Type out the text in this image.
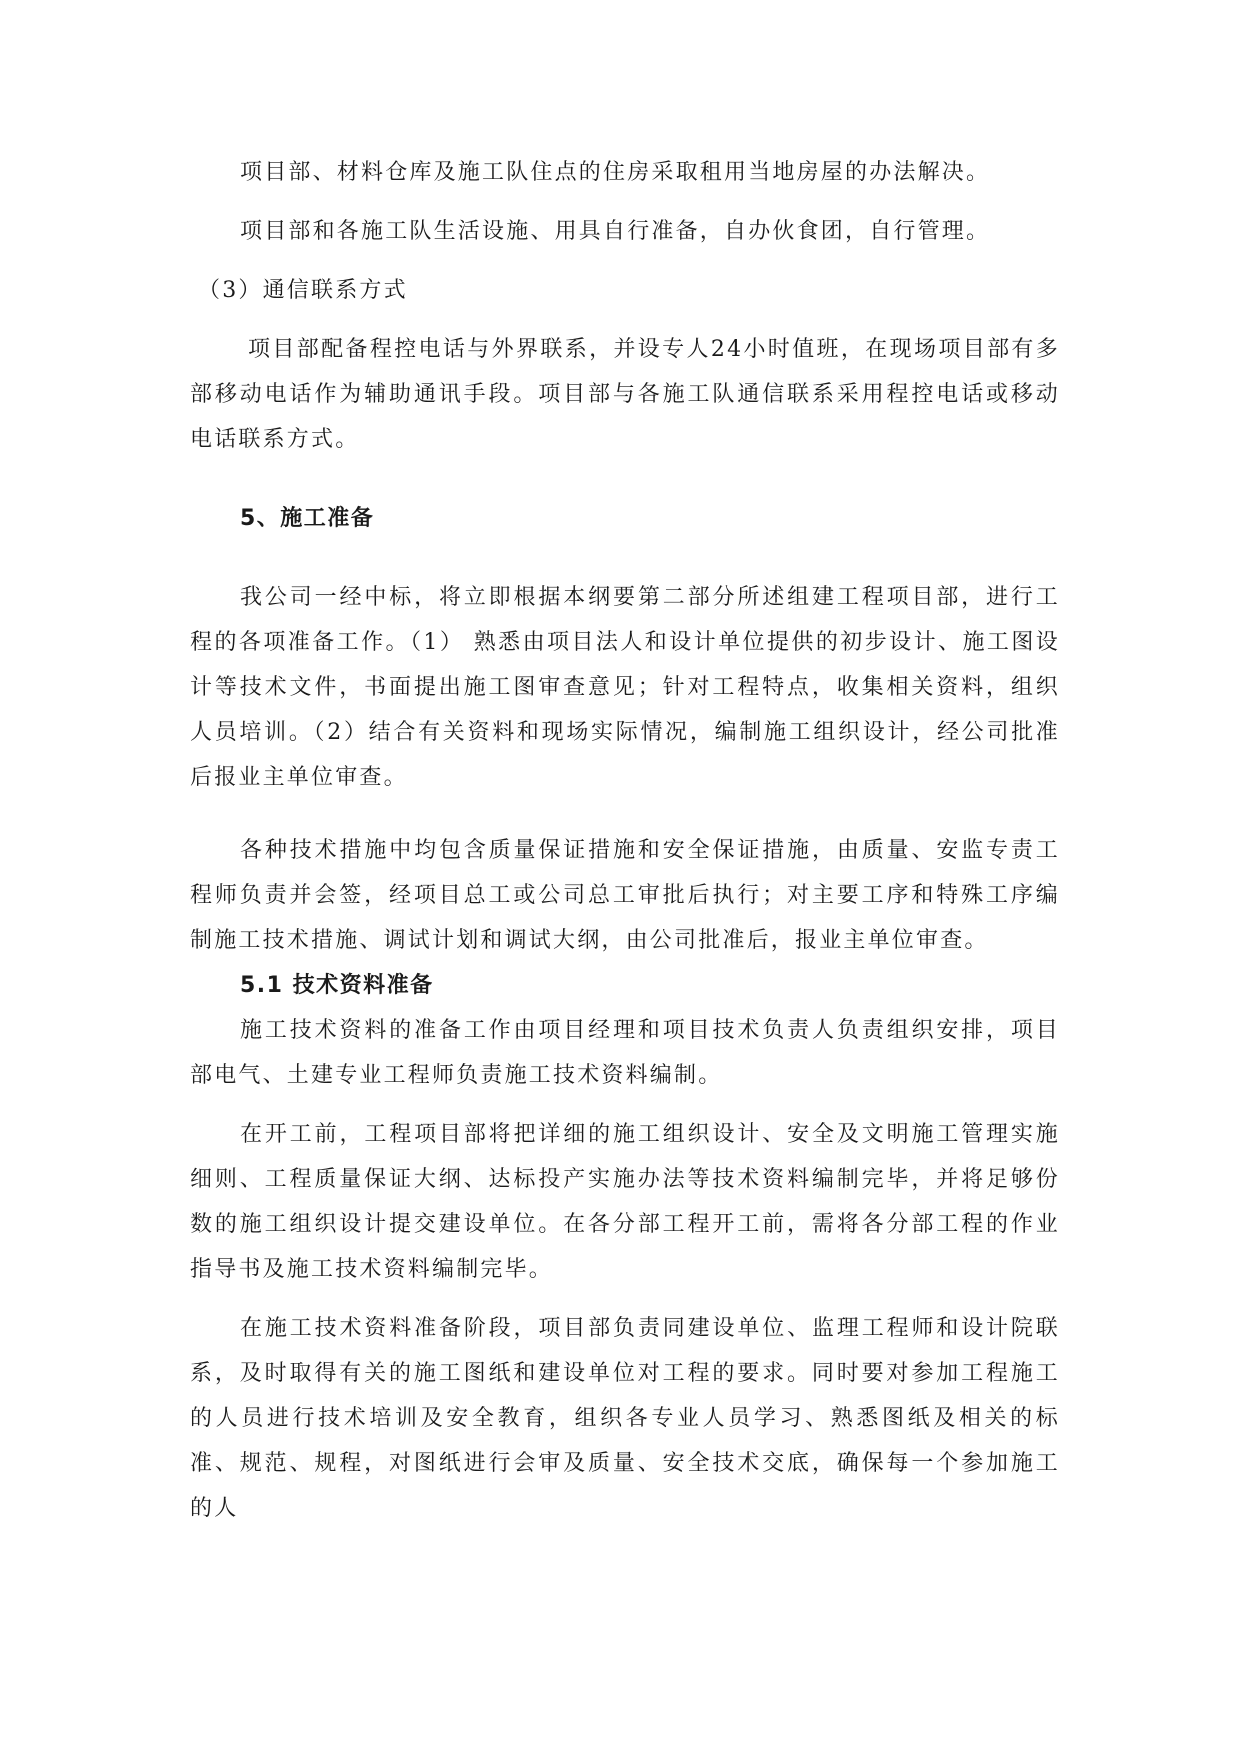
项目部、材料仓库及施工队住点的住房采取租用当地房屋的办法解决。

项目部和各施工队生活设施、用具自行准备，自办伙食团，自行管理。

（3）通信联系方式

项目部配备程控电话与外界联系，并设专人24小时值班，在现场项目部有多部移动电话作为辅助通讯手段。项目部与各施工队通信联系采用程控电话或移动电话联系方式。

5、施工准备

我公司一经中标，将立即根据本纲要第二部分所述组建工程项目部，进行工程的各项准备工作。（1） 熟悉由项目法人和设计单位提供的初步设计、施工图设计等技术文件，书面提出施工图审查意见；针对工程特点，收集相关资料，组织人员培训。（2）结合有关资料和现场实际情况，编制施工组织设计，经公司批准后报业主单位审查。

各种技术措施中均包含质量保证措施和安全保证措施，由质量、安监专责工程师负责并会签，经项目总工或公司总工审批后执行；对主要工序和特殊工序编制施工技术措施、调试计划和调试大纲，由公司批准后，报业主单位审查。

5.1 技术资料准备

施工技术资料的准备工作由项目经理和项目技术负责人负责组织安排，项目部电气、土建专业工程师负责施工技术资料编制。

在开工前，工程项目部将把详细的施工组织设计、安全及文明施工管理实施细则、工程质量保证大纲、达标投产实施办法等技术资料编制完毕，并将足够份数的施工组织设计提交建设单位。在各分部工程开工前，需将各分部工程的作业指导书及施工技术资料编制完毕。

在施工技术资料准备阶段，项目部负责同建设单位、监理工程师和设计院联系，及时取得有关的施工图纸和建设单位对工程的要求。同时要对参加工程施工的人员进行技术培训及安全教育，组织各专业人员学习、熟悉图纸及相关的标准、规范、规程，对图纸进行会审及质量、安全技术交底，确保每一个参加施工的人
